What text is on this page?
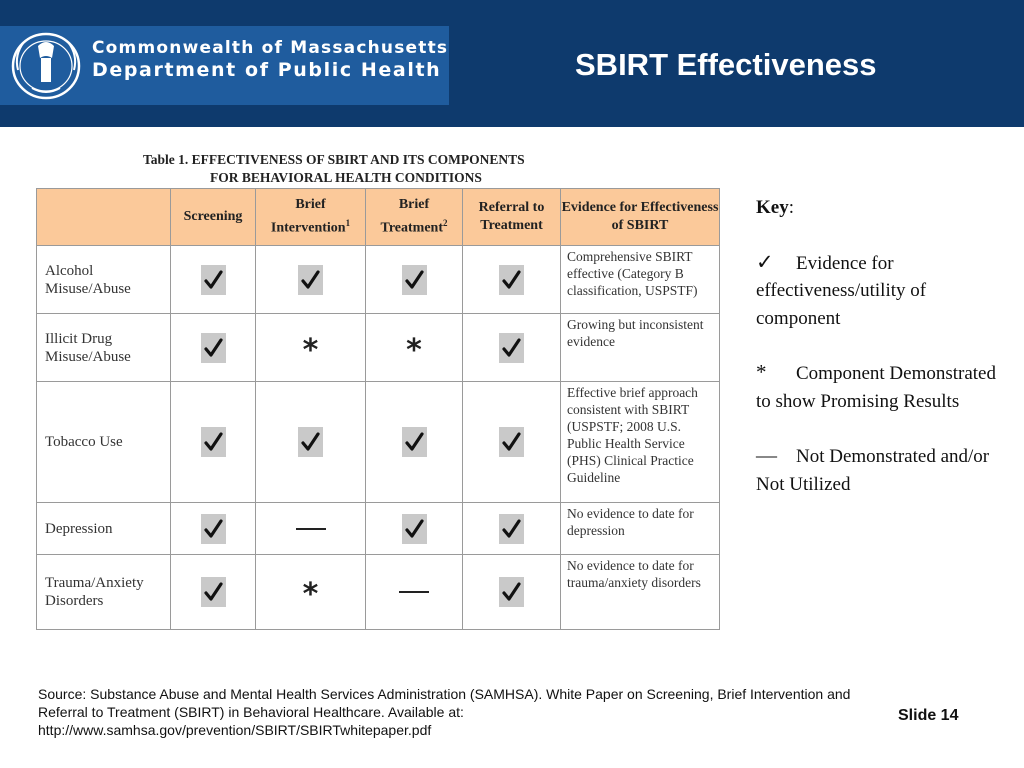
Commonwealth of Massachusetts
Department of Public Health	SBIRT Effectiveness
Table 1. EFFECTIVENESS OF SBIRT AND ITS COMPONENTS
FOR BEHAVIORAL HEALTH CONDITIONS
	Screening	Brief Intervention$^1$	Brief Treatment$^2$	Referral to Treatment	Evidence for Effectiveness of SBIRT
Alcohol Misuse/Abuse					Comprehensive SBIRT effective (Category B classification, USPSTF)
Illicit Drug Misuse/Abuse		*	*		Growing but inconsistent evidence
Tobacco Use					Effective brief approach consistent with SBIRT (USPSTF; 2008 U.S. Public Health Service (PHS) Clinical Practice Guideline
Depression					No evidence to date for depression
Trauma/Anxiety Disorders		*			No evidence to date for trauma/anxiety disorders

Key:

✓ Evidence for effectiveness/utility of component

* Component Demonstrated to show Promising Results

— Not Demonstrated and/or Not Utilized

Source: Substance Abuse and Mental Health Services Administration (SAMHSA). White Paper on Screening, Brief Intervention and Referral to Treatment (SBIRT) in Behavioral Healthcare. Available at: http://www.samhsa.gov/prevention/SBIRT/SBIRTwhitepaper.pdf
Slide 14
